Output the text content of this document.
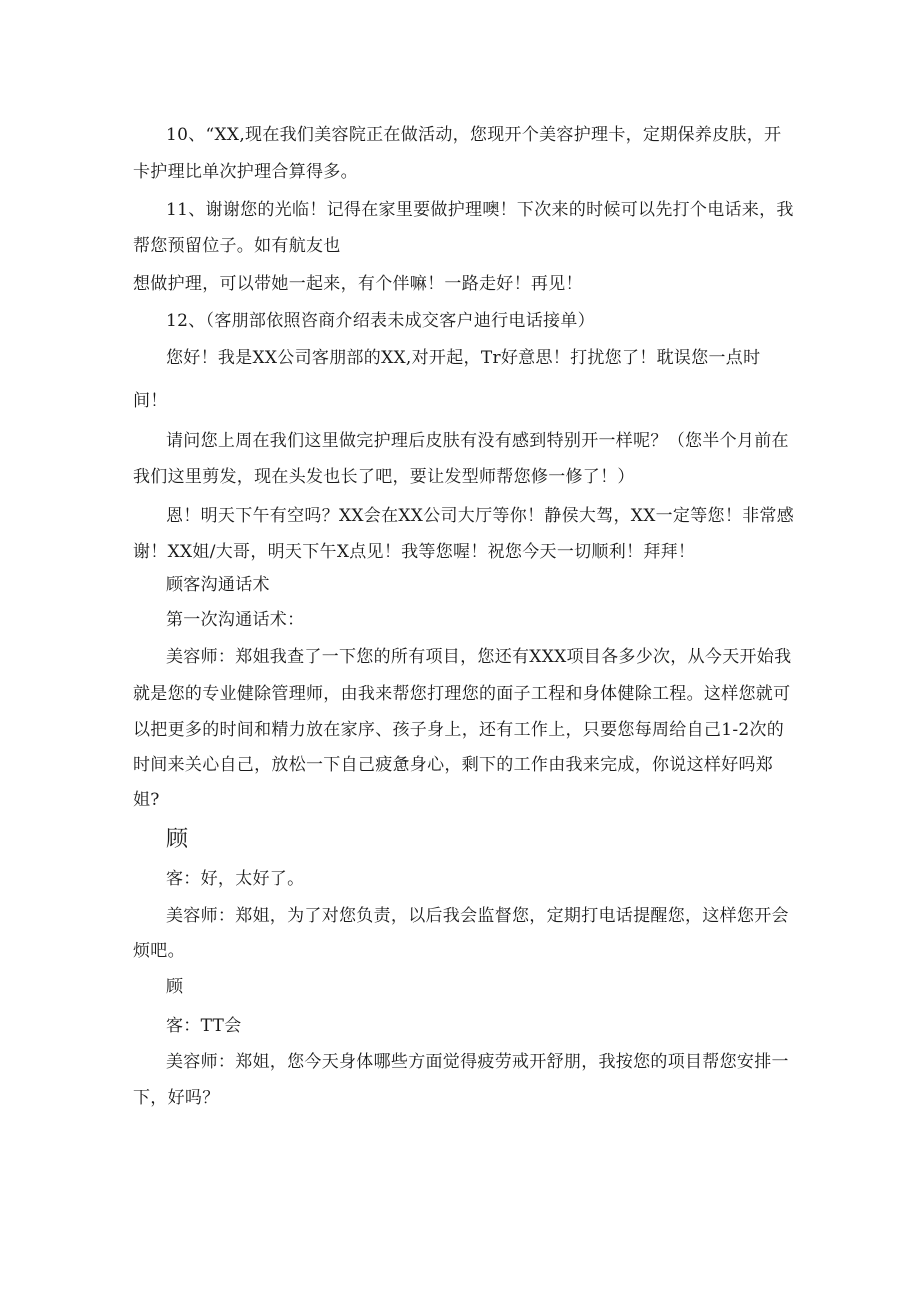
10、“XX,现在我们美容院正在做活动，您现开个美容护理卡，定期保养皮肤，开
卡护理比单次护理合算得多。
11、谢谢您的光临！记得在家里要做护理噢！下次来的时候可以先打个电话来，我
帮您预留位子。如有航友也
想做护理，可以带她一起来，有个伴嘛！一路走好！再见！
12、（客朋部依照咨商介绍表未成交客户迪行电话接单）
您好！我是XX公司客朋部的XX,对开起，Tr好意思！打扰您了！耽误您一点时
间！
请问您上周在我们这里做完护理后皮肤有没有感到特别开一样呢？（您半个月前在
我们这里剪发，现在头发也长了吧，要让发型师帮您修一修了！）
恩！明天下午有空吗？XX会在XX公司大厅等你！静侯大驾，XX一定等您！非常感
谢！XX姐/大哥，明天下午X点见！我等您喔！祝您今天一切顺利！拜拜！
顾客沟通话术
第一次沟通话术：
美容师：郑姐我查了一下您的所有项目，您还有XXX项目各多少次，从今天开始我
就是您的专业健除管理师，由我来帮您打理您的面子工程和身体健除工程。这样您就可
以把更多的时间和精力放在家序、孩子身上，还有工作上，只要您每周给自己1-2次的
时间来关心自己，放松一下自己疲惫身心，剩下的工作由我来完成，你说这样好吗郑
姐?
顾
客：好，太好了。
美容师：郑姐，为了对您负责，以后我会监督您，定期打电话提醒您，这样您开会
烦吧。
顾
客：TT会
美容师：郑姐，您今天身体哪些方面觉得疲劳戒开舒朋，我按您的项目帮您安排一
下，好吗？
